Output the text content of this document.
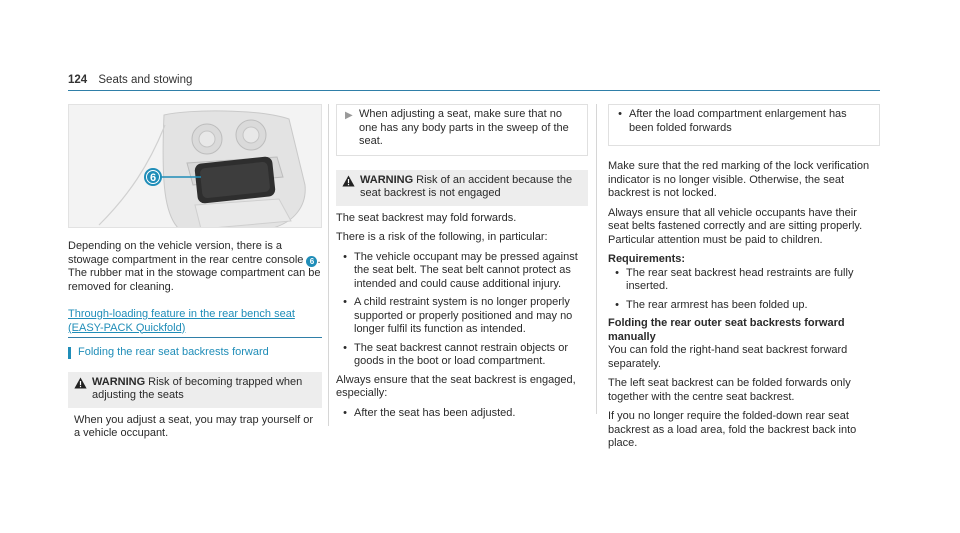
124 Seats and stowing
6

Depending on the vehicle version, there is a stowage compartment in the rear centre console 6 . The rubber mat in the stowage compartment can be removed for cleaning.

Through-loading feature in the rear bench seat
(EASY-PACK Quickfold)
Folding the rear seat backrests forward
WARNING Risk of becoming trapped when adjusting the seats

When you adjust a seat, you may trap yourself or a vehicle occupant.

▶ When adjusting a seat, make sure that no one has any body parts in the sweep of the seat.
WARNING Risk of an accident because the seat backrest is not engaged

The seat backrest may fold forwards.

There is a risk of the following, in particular:

• The vehicle occupant may be pressed against the seat belt. The seat belt cannot protect as intended and could cause additional injury.
• A child restraint system is no longer properly supported or properly positioned and may no longer fulfil its function as intended.
• The seat backrest cannot restrain objects or goods in the boot or load compartment.

Always ensure that the seat backrest is engaged, especially:

• After the seat has been adjusted.
• After the load compartment enlargement has been folded forwards

Make sure that the red marking of the lock verification indicator is no longer visible. Otherwise, the seat backrest is not locked.

Always ensure that all vehicle occupants have their seat belts fastened correctly and are sitting properly. Particular attention must be paid to children.

Requirements:
• The rear seat backrest head restraints are fully inserted.
• The rear armrest has been folded up.
Folding the rear outer seat backrests forward
manually

You can fold the right-hand seat backrest forward separately.

The left seat backrest can be folded forwards only together with the centre seat backrest.

If you no longer require the folded-down rear seat backrest as a load area, fold the backrest back into place.
